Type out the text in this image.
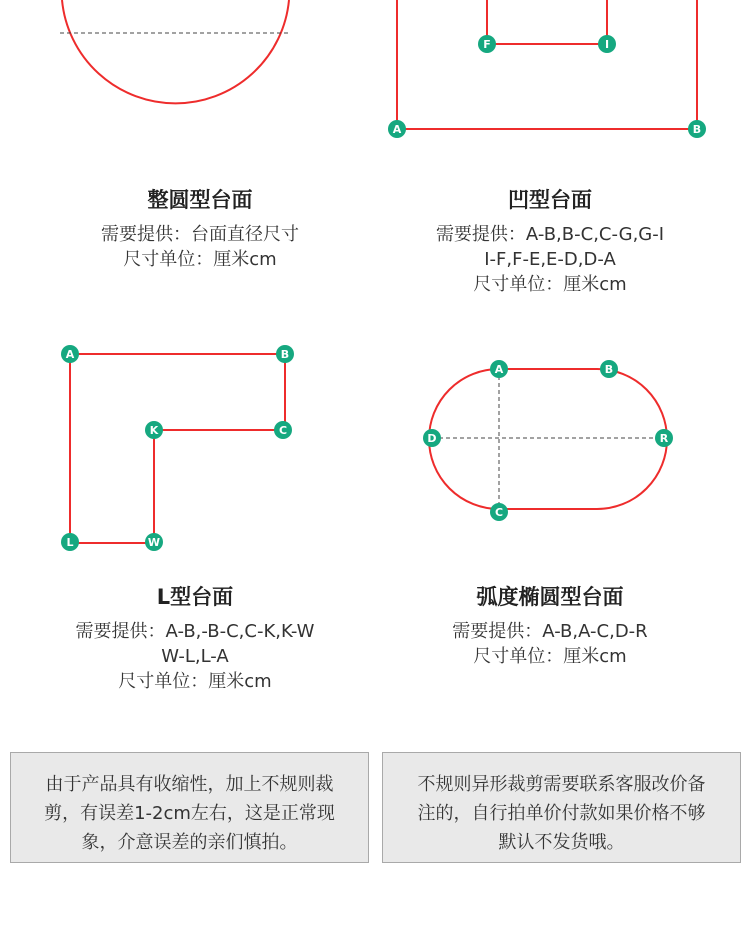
F	I
A	B
A	B
K	C
L	W
A	B
D	R
C
整圆型台面
需要提供：台面直径尺寸
尺寸单位：厘米cm
凹型台面
需要提供：A-B,B-C,C-G,G-I
I-F,F-E,E-D,D-A
尺寸单位：厘米cm
L型台面
需要提供：A-B,-B-C,C-K,K-W
W-L,L-A
尺寸单位：厘米cm
弧度椭圆型台面
需要提供：A-B,A-C,D-R
尺寸单位：厘米cm
由于产品具有收缩性，加上不规则裁
剪，有误差1-2cm左右，这是正常现
象，介意误差的亲们慎拍。
不规则异形裁剪需要联系客服改价备
注的，自行拍单价付款如果价格不够
默认不发货哦。
